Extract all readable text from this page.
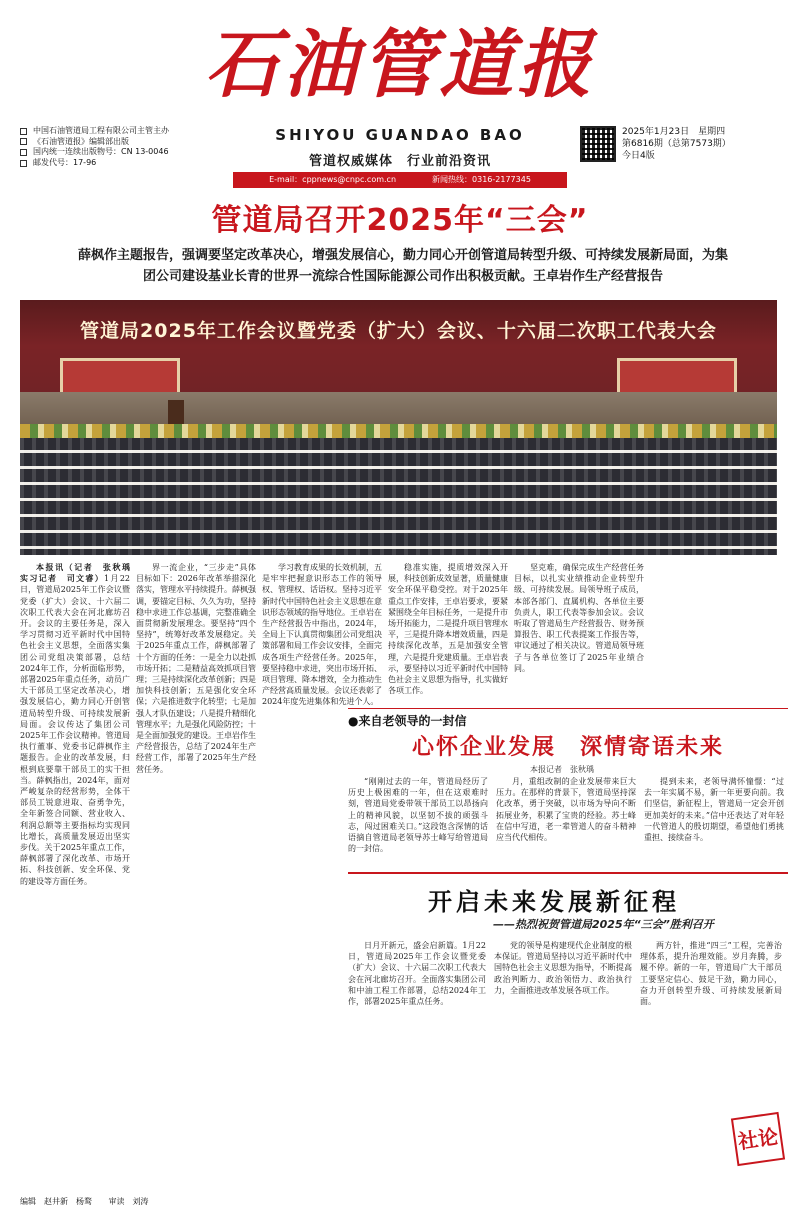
中国石油管道局工程有限公司主管主办
《石油管道报》编辑部出版
国内统一连续出版物号：CN 13-0046
邮发代号：17-96
石油管道报
SHIYOU GUANDAO BAO
管道权威媒体　行业前沿资讯
E-mail：cppnews@cnpc.com.cn	新闻热线：0316-2177345
2025年1月23日　星期四
第6816期（总第7573期）
今日4版
管道局召开2025年“三会”
薛枫作主题报告，强调要坚定改革决心，增强发展信心，勤力同心开创管道局转型升级、可持续发展新局面，为集团公司建设基业长青的世界一流综合性国际能源公司作出积极贡献。王卓岩作生产经营报告
管道局2025年工作会议暨党委（扩大）会议、十六届二次职工代表大会

本报讯（记者　张秋瑀　实习记者　司文睿）1月22日，管道局2025年工作会议暨党委（扩大）会议、十六届二次职工代表大会在河北廊坊召开。会议的主要任务是，深入学习贯彻习近平新时代中国特色社会主义思想，全面落实集团公司党组决策部署，总结2024年工作，分析面临形势，部署2025年重点任务，动员广大干部员工坚定改革决心，增强发展信心，勤力同心开创管道局转型升级、可持续发展新局面。会议传达了集团公司2025年工作会议精神。管道局执行董事、党委书记薛枫作主题报告。企业的改革发展，归根到底要靠干部员工的实干担当。薛枫指出，2024年，面对严峻复杂的经营形势，全体干部员工锐意进取、奋勇争先，全年新签合同额、营业收入、利润总额等主要指标均实现同比增长，高质量发展迈出坚实步伐。关于2025年重点工作，薛枫部署了深化改革、市场开拓、科技创新、安全环保、党的建设等方面任务。

界一流企业，“三步走”具体目标如下：2026年改革举措深化落实，管理水平持续提升。薛枫强调，要锚定目标、久久为功，坚持稳中求进工作总基调，完整准确全面贯彻新发展理念。要坚持“四个坚持”，统筹好改革发展稳定。关于2025年重点工作，薛枫部署了十个方面的任务：一是全力以赴抓市场开拓；二是精益高效抓项目管理；三是持续深化改革创新；四是加快科技创新；五是强化安全环保；六是推进数字化转型；七是加强人才队伍建设；八是提升精细化管理水平；九是强化风险防控；十是全面加强党的建设。王卓岩作生产经营报告，总结了2024年生产经营工作，部署了2025年生产经营任务。

学习教育成果的长效机制，五是牢牢把握意识形态工作的领导权、管理权、话语权。坚持习近平新时代中国特色社会主义思想在意识形态领域的指导地位。王卓岩在生产经营报告中指出，2024年，全局上下认真贯彻集团公司党组决策部署和局工作会议安排，全面完成各项生产经营任务。2025年，要坚持稳中求进，突出市场开拓、项目管理、降本增效，全力推动生产经营高质量发展。会议还表彰了2024年度先进集体和先进个人。

稳准实施，提质增效深入开展，科技创新成效显著，质量健康安全环保平稳受控。对于2025年重点工作安排，王卓岩要求，要紧紧围绕全年目标任务，一是提升市场开拓能力，二是提升项目管理水平，三是提升降本增效质量，四是持续深化改革，五是加强安全管理，六是提升党建质量。王卓岩表示，要坚持以习近平新时代中国特色社会主义思想为指导，扎实做好各项工作。

坚克难，确保完成生产经营任务目标，以扎实业绩推动企业转型升级、可持续发展。局领导班子成员，本部各部门、直属机构、各单位主要负责人，职工代表等参加会议。会议听取了管道局生产经营报告、财务预算报告、职工代表提案工作报告等，审议通过了相关决议。管道局领导班子与各单位签订了2025年业绩合同。

●来自老领导的一封信
心怀企业发展　深情寄语未来
本报记者　张秋瑀

“刚刚过去的一年，管道局经历了历史上极困难的一年，但在这艰难时刻，管道局党委带领干部员工以昂扬向上的精神风貌，以坚韧不拔的顽强斗志，闯过困难关口。”这段饱含深情的话语摘自管道局老领导苏士峰写给管道局的一封信。

月，重组改制的企业发展带来巨大压力。在那样的背景下，管道局坚持深化改革，勇于突破，以市场为导向不断拓展业务，积累了宝贵的经验。苏士峰在信中写道，老一辈管道人的奋斗精神应当代代相传。

提到未来，老领导满怀憧憬：“过去一年实属不易，新一年更要向前。我们坚信，新征程上，管道局一定会开创更加美好的未来。”信中还表达了对年轻一代管道人的殷切期望，希望他们勇挑重担、接续奋斗。

开启未来发展新征程
——热烈祝贺管道局2025年“三会”胜利召开

日月开新元，盛会启新篇。1月22日，管道局2025年工作会议暨党委（扩大）会议、十六届二次职工代表大会在河北廊坊召开。全面落实集团公司和中油工程工作部署，总结2024年工作，部署2025年重点任务。

党的领导是构建现代企业制度的根本保证。管道局坚持以习近平新时代中国特色社会主义思想为指导，不断提高政治判断力、政治领悟力、政治执行力，全面推进改革发展各项工作。

两方针，推进“四三”工程，完善治理体系，提升治理效能。岁月奔腾，步履不停。新的一年，管道局广大干部员工要坚定信心、鼓足干劲，勤力同心，奋力开创转型升级、可持续发展新局面。

社论
编辑　赵井新　杨鹜 审读　刘涛
